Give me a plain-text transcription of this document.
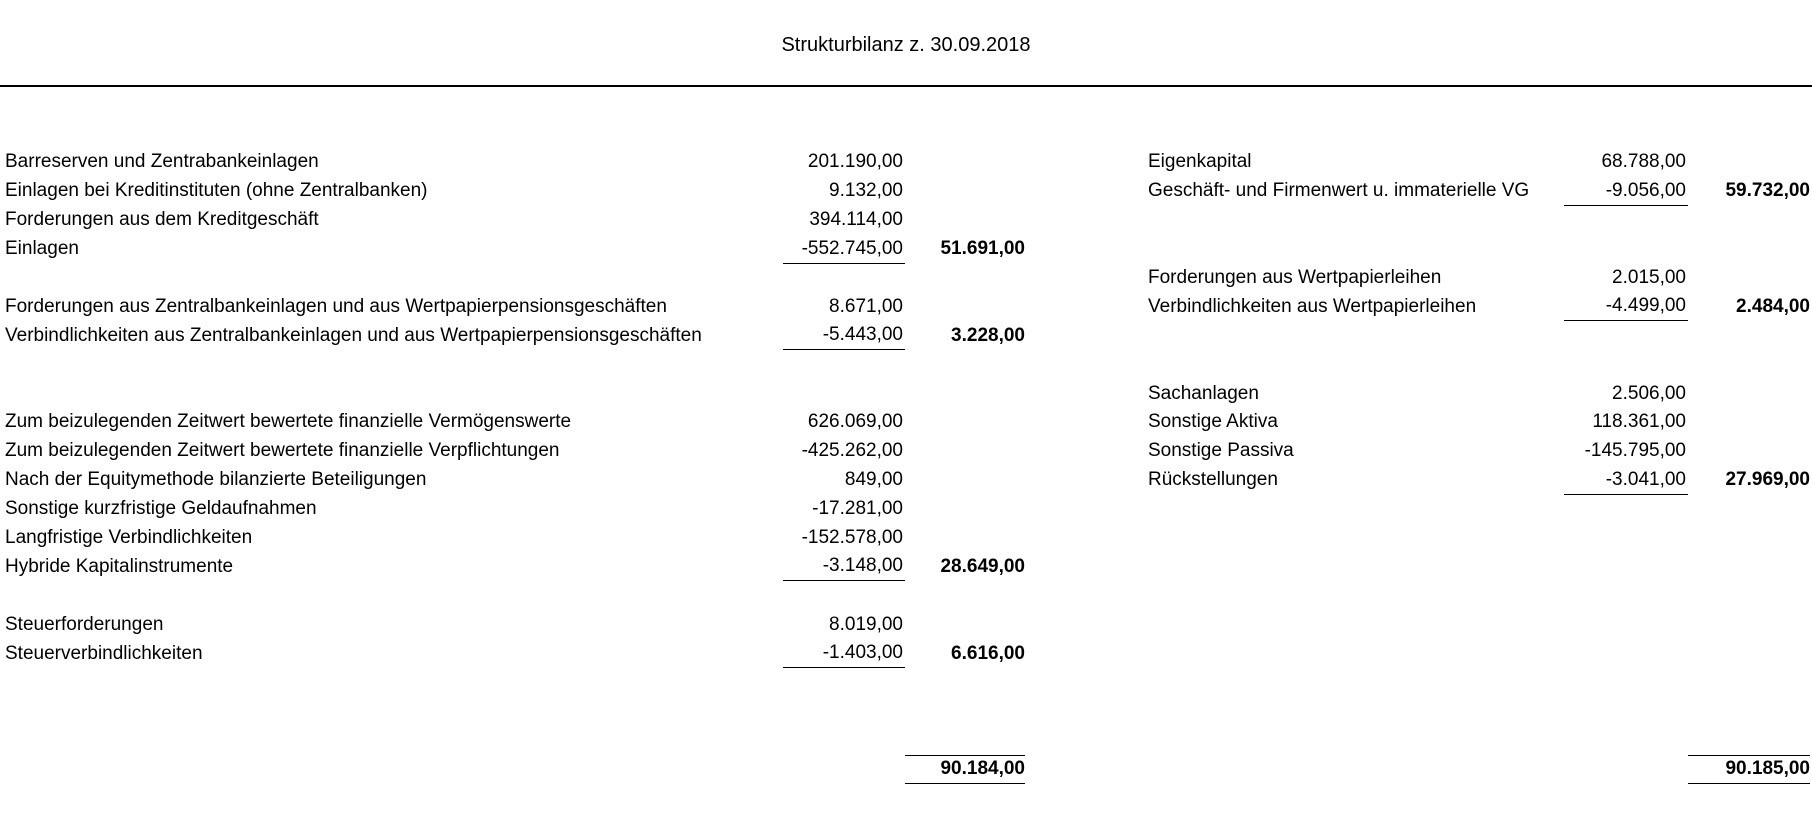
Strukturbilanz z. 30.09.2018
Barreserven und Zentrabankeinlagen	201.190,00
Einlagen bei Kreditinstituten (ohne Zentralbanken)	9.132,00
Forderungen aus dem Kreditgeschäft	394.114,00
Einlagen	-552.745,00	51.691,00
Forderungen aus Zentralbankeinlagen und aus Wertpapierpensionsgeschäften	8.671,00
Verbindlichkeiten aus Zentralbankeinlagen und aus Wertpapierpensionsgeschäften	-5.443,00	3.228,00
Zum beizulegenden Zeitwert bewertete finanzielle Vermögenswerte	626.069,00
Zum beizulegenden Zeitwert bewertete finanzielle Verpflichtungen	-425.262,00
Nach der Equitymethode bilanzierte Beteiligungen	849,00
Sonstige kurzfristige Geldaufnahmen	-17.281,00
Langfristige Verbindlichkeiten	-152.578,00
Hybride Kapitalinstrumente	-3.148,00	28.649,00
Steuerforderungen	8.019,00
Steuerverbindlichkeiten	-1.403,00	6.616,00
90.184,00
Eigenkapital	68.788,00
Geschäft- und Firmenwert u. immaterielle VG	-9.056,00	59.732,00
Forderungen aus Wertpapierleihen	2.015,00
Verbindlichkeiten aus Wertpapierleihen	-4.499,00	2.484,00
Sachanlagen	2.506,00
Sonstige Aktiva	118.361,00
Sonstige Passiva	-145.795,00
Rückstellungen	-3.041,00	27.969,00
90.185,00
